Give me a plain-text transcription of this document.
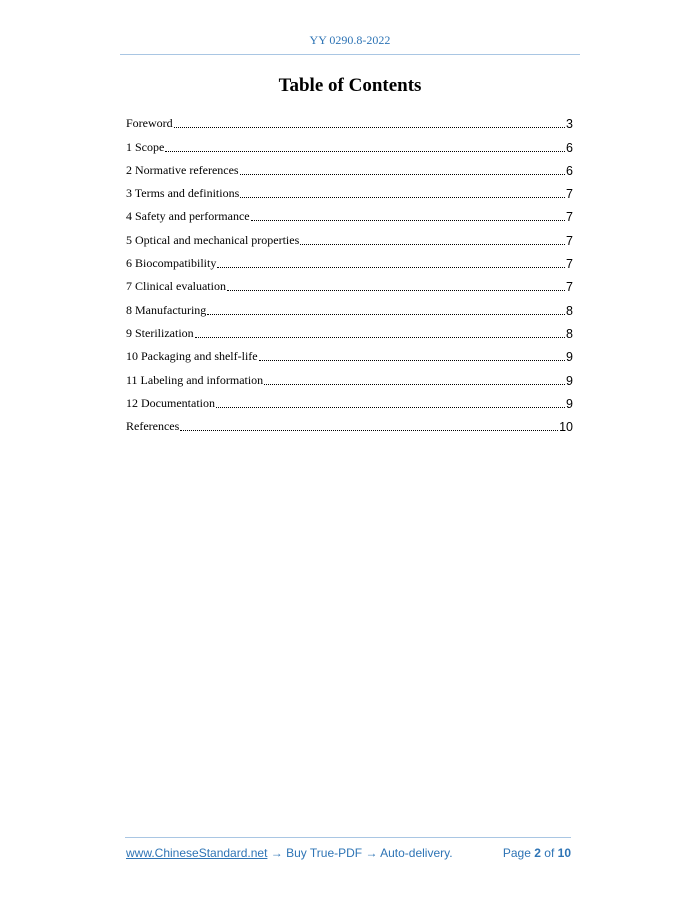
YY 0290.8-2022
Table of Contents
Foreword	3
1 Scope	6
2 Normative references	6
3 Terms and definitions	7
4 Safety and performance	7
5 Optical and mechanical properties	7
6 Biocompatibility	7
7 Clinical evaluation	7
8 Manufacturing	8
9 Sterilization	8
10 Packaging and shelf-life	9
11 Labeling and information	9
12 Documentation	9
References	10
www.ChineseStandard.net → Buy True-PDF → Auto-delivery.	Page 2 of 10
